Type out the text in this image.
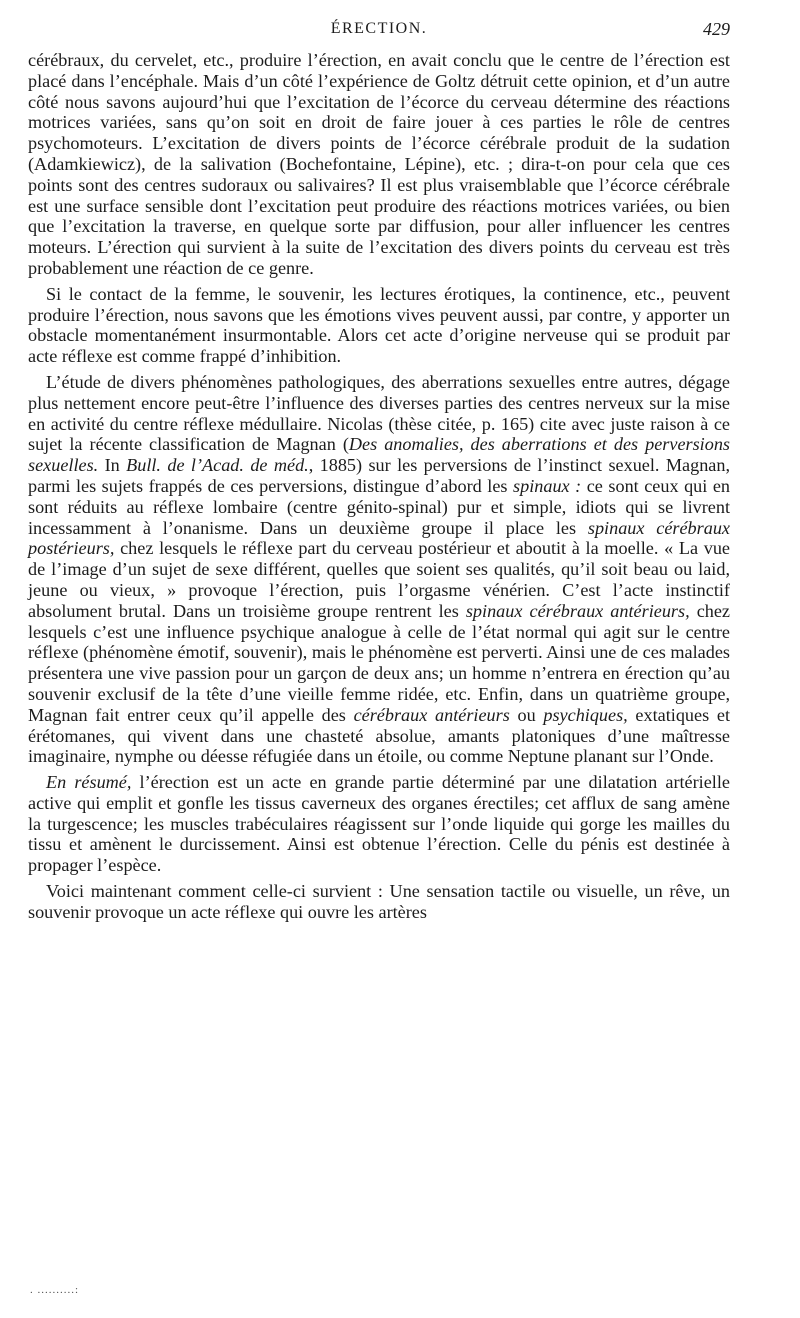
ÉRECTION.	429

cérébraux, du cervelet, etc., produire l’érection, en avait conclu que le centre de l’érection est placé dans l’encéphale. Mais d’un côté l’expérience de Goltz détruit cette opinion, et d’un autre côté nous savons aujourd’hui que l’excitation de l’écorce du cerveau détermine des réactions motrices variées, sans qu’on soit en droit de faire jouer à ces parties le rôle de centres psychomoteurs. L’excitation de divers points de l’écorce cérébrale produit de la sudation (Adamkiewicz), de la salivation (Bochefontaine, Lépine), etc. ; dira-t-on pour cela que ces points sont des centres sudoraux ou salivaires? Il est plus vraisemblable que l’écorce cérébrale est une surface sensible dont l’excitation peut produire des réactions motrices variées, ou bien que l’excitation la traverse, en quelque sorte par diffusion, pour aller influencer les centres moteurs. L’érection qui survient à la suite de l’excitation des divers points du cerveau est très probablement une réaction de ce genre.

Si le contact de la femme, le souvenir, les lectures érotiques, la continence, etc., peuvent produire l’érection, nous savons que les émotions vives peuvent aussi, par contre, y apporter un obstacle momentanément insurmontable. Alors cet acte d’origine nerveuse qui se produit par acte réflexe est comme frappé d’inhibition.

L’étude de divers phénomènes pathologiques, des aberrations sexuelles entre autres, dégage plus nettement encore peut-être l’influence des diverses parties des centres nerveux sur la mise en activité du centre réflexe médullaire. Nicolas (thèse citée, p. 165) cite avec juste raison à ce sujet la récente classification de Magnan (Des anomalies, des aberrations et des perversions sexuelles. In Bull. de l’Acad. de méd., 1885) sur les perversions de l’instinct sexuel. Magnan, parmi les sujets frappés de ces perversions, distingue d’abord les spinaux : ce sont ceux qui en sont réduits au réflexe lombaire (centre génito-spinal) pur et simple, idiots qui se livrent incessamment à l’onanisme. Dans un deuxième groupe il place les spinaux cérébraux postérieurs, chez lesquels le réflexe part du cerveau postérieur et aboutit à la moelle. « La vue de l’image d’un sujet de sexe différent, quelles que soient ses qualités, qu’il soit beau ou laid, jeune ou vieux, » provoque l’érection, puis l’orgasme vénérien. C’est l’acte instinctif absolument brutal. Dans un troisième groupe rentrent les spinaux cérébraux antérieurs, chez lesquels c’est une influence psychique analogue à celle de l’état normal qui agit sur le centre réflexe (phénomène émotif, souvenir), mais le phénomène est perverti. Ainsi une de ces malades présentera une vive passion pour un garçon de deux ans; un homme n’entrera en érection qu’au souvenir exclusif de la tête d’une vieille femme ridée, etc. Enfin, dans un quatrième groupe, Magnan fait entrer ceux qu’il appelle des cérébraux antérieurs ou psychiques, extatiques et érétomanes, qui vivent dans une chasteté absolue, amants platoniques d’une maîtresse imaginaire, nymphe ou déesse réfugiée dans un étoile, ou comme Neptune planant sur l’Onde.

En résumé, l’érection est un acte en grande partie déterminé par une dilatation artérielle active qui emplit et gonfle les tissus caverneux des organes érectiles; cet afflux de sang amène la turgescence; les muscles trabéculaires réagissent sur l’onde liquide qui gorge les mailles du tissu et amènent le durcissement. Ainsi est obtenue l’érection. Celle du pénis est destinée à propager l’espèce.

Voici maintenant comment celle-ci survient : Une sensation tactile ou visuelle, un rêve, un souvenir provoque un acte réflexe qui ouvre les artères

. ..........:
